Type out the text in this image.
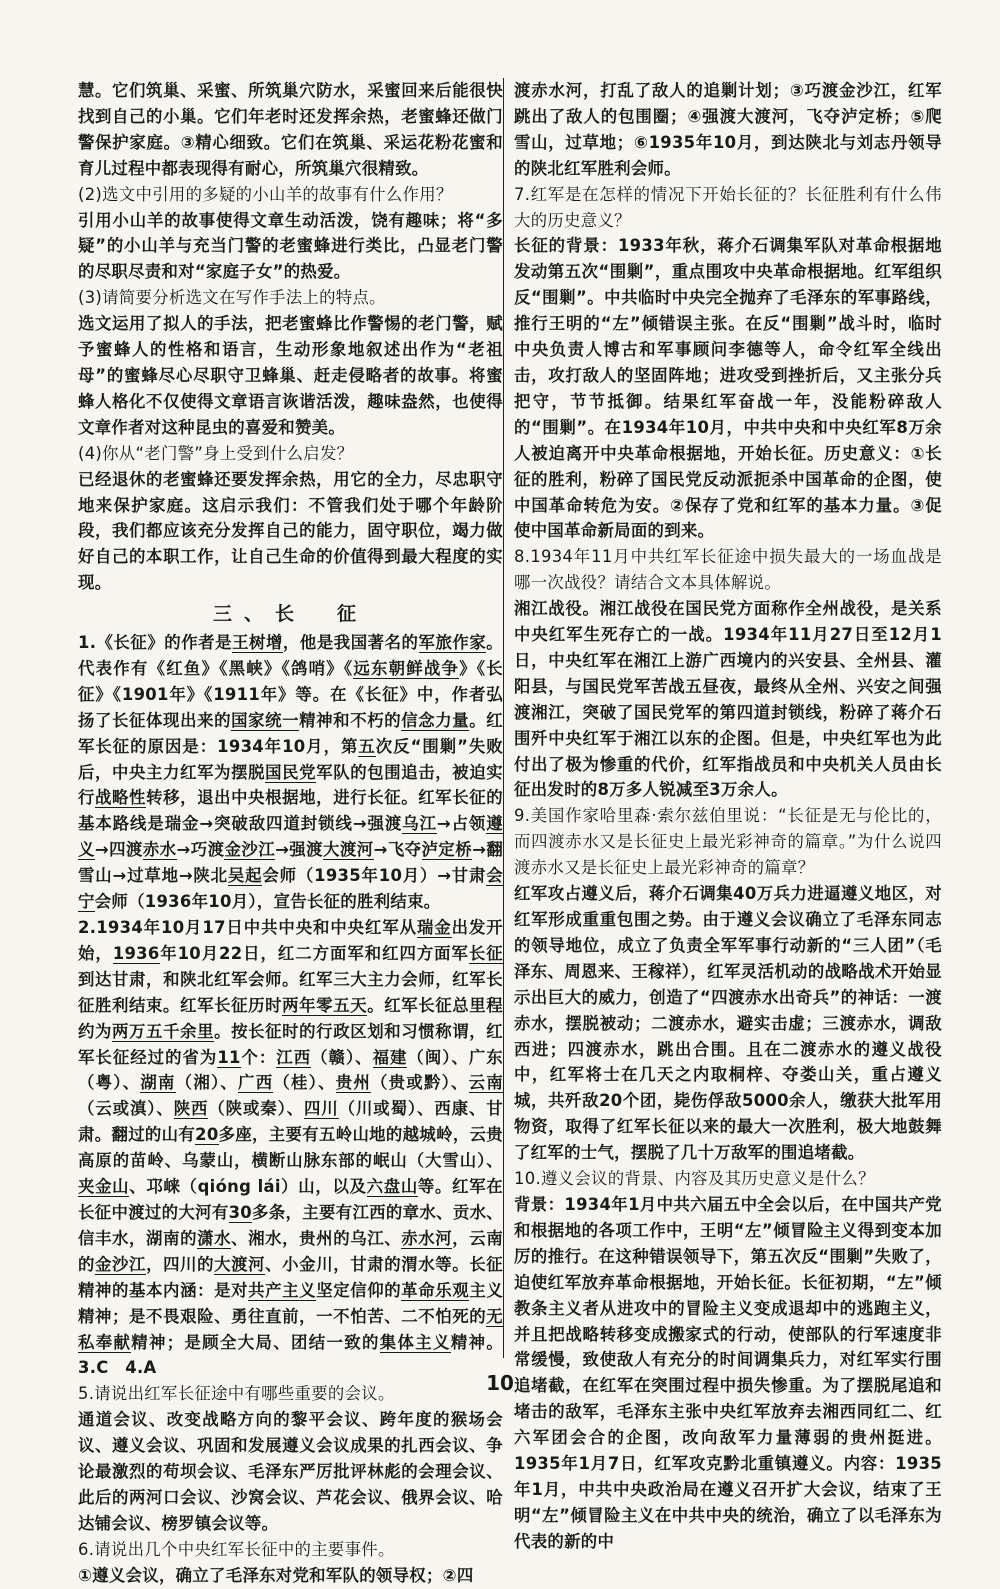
慧。它们筑巢、采蜜、所筑巢穴防水，采蜜回来后能很快找到自己的小巢。它们年老时还发挥余热，老蜜蜂还做门警保护家庭。③精心细致。它们在筑巢、采运花粉花蜜和育儿过程中都表现得有耐心，所筑巢穴很精致。

(2)选文中引用的多疑的小山羊的故事有什么作用？

引用小山羊的故事使得文章生动活泼，饶有趣味；将“多疑”的小山羊与充当门警的老蜜蜂进行类比，凸显老门警的尽职尽责和对“家庭子女”的热爱。

(3)请简要分析选文在写作手法上的特点。

选文运用了拟人的手法，把老蜜蜂比作警惕的老门警，赋予蜜蜂人的性格和语言，生动形象地叙述出作为“老祖母”的蜜蜂尽心尽职守卫蜂巢、赶走侵略者的故事。将蜜蜂人格化不仅使得文章语言诙谐活泼，趣味盎然，也使得文章作者对这种昆虫的喜爱和赞美。

(4)你从“老门警”身上受到什么启发？

已经退休的老蜜蜂还要发挥余热，用它的全力，尽忠职守地来保护家庭。这启示我们：不管我们处于哪个年龄阶段，我们都应该充分发挥自己的能力，固守职位，竭力做好自己的本职工作，让自己生命的价值得到最大程度的实现。

三、长　征

1.《长征》的作者是王树增，他是我国著名的军旅作家。代表作有《红鱼》《黑峡》《鸽哨》《远东朝鲜战争》《长征》《1901年》《1911年》等。在《长征》中，作者弘扬了长征体现出来的国家统一精神和不朽的信念力量。红军长征的原因是：1934年10月，第五次反“围剿”失败后，中央主力红军为摆脱国民党军队的包围追击，被迫实行战略性转移，退出中央根据地，进行长征。红军长征的基本路线是瑞金→突破敌四道封锁线→强渡乌江→占领遵义→四渡赤水→巧渡金沙江→强渡大渡河→飞夺泸定桥→翻雪山→过草地→陕北吴起会师（1935年10月）→甘肃会宁会师（1936年10月），宣告长征的胜利结束。

2.1934年10月17日中共中央和中央红军从瑞金出发开始，1936年10月22日，红二方面军和红四方面军长征到达甘肃，和陕北红军会师。红军三大主力会师，红军长征胜利结束。红军长征历时两年零五天。红军长征总里程约为两万五千余里。按长征时的行政区划和习惯称谓，红军长征经过的省为11个：江西（赣）、福建（闽）、广东（粤）、湖南（湘）、广西（桂）、贵州（贵或黔）、云南（云或滇）、陕西（陕或秦）、四川（川或蜀）、西康、甘肃。翻过的山有20多座，主要有五岭山地的越城岭，云贵高原的苗岭、乌蒙山，横断山脉东部的岷山（大雪山）、夹金山、邛崃（qióng lái）山，以及六盘山等。红军在长征中渡过的大河有30多条，主要有江西的章水、贡水、信丰水，湖南的潇水、湘水，贵州的乌江、赤水河，云南的金沙江，四川的大渡河、小金川，甘肃的渭水等。长征精神的基本内涵：是对共产主义坚定信仰的革命乐观主义精神；是不畏艰险、勇往直前，一不怕苦、二不怕死的无私奉献精神；是顾全大局、团结一致的集体主义精神。3.C　4.A

5.请说出红军长征途中有哪些重要的会议。

通道会议、改变战略方向的黎平会议、跨年度的猴场会议、遵义会议、巩固和发展遵义会议成果的扎西会议、争论最激烈的苟坝会议、毛泽东严厉批评林彪的会理会议、此后的两河口会议、沙窝会议、芦花会议、俄界会议、哈达铺会议、榜罗镇会议等。

6.请说出几个中央红军长征中的主要事件。

①遵义会议，确立了毛泽东对党和军队的领导权；②四

渡赤水河，打乱了敌人的追剿计划；③巧渡金沙江，红军跳出了敌人的包围圈；④强渡大渡河，飞夺泸定桥；⑤爬雪山，过草地；⑥1935年10月，到达陕北与刘志丹领导的陕北红军胜利会师。

7.红军是在怎样的情况下开始长征的？长征胜利有什么伟大的历史意义？

长征的背景：1933年秋，蒋介石调集军队对革命根据地发动第五次“围剿”，重点围攻中央革命根据地。红军组织反“围剿”。中共临时中央完全抛弃了毛泽东的军事路线，推行王明的“左”倾错误主张。在反“围剿”战斗时，临时中央负责人博古和军事顾问李德等人，命令红军全线出击，攻打敌人的坚固阵地；进攻受到挫折后，又主张分兵把守，节节抵御。结果红军奋战一年，没能粉碎敌人的“围剿”。在1934年10月，中共中央和中央红军8万余人被迫离开中央革命根据地，开始长征。历史意义：①长征的胜利，粉碎了国民党反动派扼杀中国革命的企图，使中国革命转危为安。②保存了党和红军的基本力量。③促使中国革命新局面的到来。

8.1934年11月中共红军长征途中损失最大的一场血战是哪一次战役？请结合文本具体解说。

湘江战役。湘江战役在国民党方面称作全州战役，是关系中央红军生死存亡的一战。1934年11月27日至12月1日，中央红军在湘江上游广西境内的兴安县、全州县、灌阳县，与国民党军苦战五昼夜，最终从全州、兴安之间强渡湘江，突破了国民党军的第四道封锁线，粉碎了蒋介石围歼中央红军于湘江以东的企图。但是，中央红军也为此付出了极为惨重的代价，红军指战员和中央机关人员由长征出发时的8万多人锐减至3万余人。

9.美国作家哈里森·索尔兹伯里说：“长征是无与伦比的，而四渡赤水又是长征史上最光彩神奇的篇章。”为什么说四渡赤水又是长征史上最光彩神奇的篇章？

红军攻占遵义后，蒋介石调集40万兵力进逼遵义地区，对红军形成重重包围之势。由于遵义会议确立了毛泽东同志的领导地位，成立了负责全军军事行动新的“三人团”（毛泽东、周恩来、王稼祥），红军灵活机动的战略战术开始显示出巨大的威力，创造了“四渡赤水出奇兵”的神话：一渡赤水，摆脱被动；二渡赤水，避实击虚；三渡赤水，调敌西进；四渡赤水，跳出合围。且在二渡赤水的遵义战役中，红军将士在几天之内取桐梓、夺娄山关，重占遵义城，共歼敌20个团，毙伤俘敌5000余人，缴获大批军用物资，取得了红军长征以来的最大一次胜利，极大地鼓舞了红军的士气，摆脱了几十万敌军的围追堵截。

10.遵义会议的背景、内容及其历史意义是什么？

背景：1934年1月中共六届五中全会以后，在中国共产党和根据地的各项工作中，王明“左”倾冒险主义得到变本加厉的推行。在这种错误领导下，第五次反“围剿”失败了，迫使红军放弃革命根据地，开始长征。长征初期，“左”倾教条主义者从进攻中的冒险主义变成退却中的逃跑主义，并且把战略转移变成搬家式的行动，使部队的行军速度非常缓慢，致使敌人有充分的时间调集兵力，对红军实行围追堵截，在红军在突围过程中损失惨重。为了摆脱尾追和堵击的敌军，毛泽东主张中央红军放弃去湘西同红二、红六军团会合的企图，改向敌军力量薄弱的贵州挺进。1935年1月7日，红军攻克黔北重镇遵义。内容：1935年1月，中共中央政治局在遵义召开扩大会议，结束了王明“左”倾冒险主义在中共中央的统治，确立了以毛泽东为代表的新的中

10
